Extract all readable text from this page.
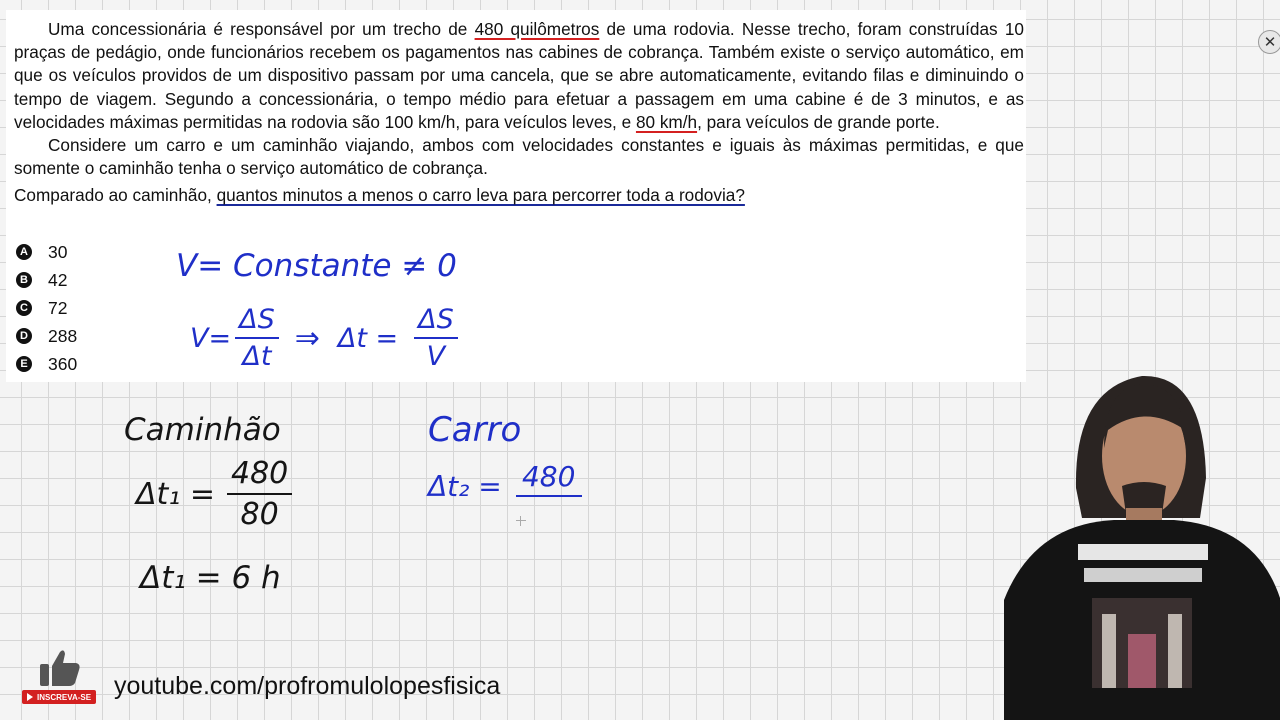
Uma concessionária é responsável por um trecho de 480 quilômetros de uma rodovia. Nesse trecho, foram construídas 10 praças de pedágio, onde funcionários recebem os pagamentos nas cabines de cobrança. Também existe o serviço automático, em que os veículos providos de um dispositivo passam por uma cancela, que se abre automaticamente, evitando filas e diminuindo o tempo de viagem. Segundo a concessionária, o tempo médio para efetuar a passagem em uma cabine é de 3 minutos, e as velocidades máximas permitidas na rodovia são 100 km/h, para veículos leves, e 80 km/h, para veículos de grande porte.

Considere um carro e um caminhão viajando, ambos com velocidades constantes e iguais às máximas permitidas, e que somente o caminhão tenha o serviço automático de cobrança.

Comparado ao caminhão, quantos minutos a menos o carro leva para percorrer toda a rodovia?

A 30
B 42
C 72
D 288
E 360
V= Constante ≠ 0
$V= \frac{\Delta S}{\Delta t}$ ⇒ $\Delta t = \frac{\Delta S}{V}$
Caminhão
$\Delta t_1 = \frac{480}{80}$
Δt₁ = 6 h
Carro
Δt₂ = 480
✕
INSCREVA-SE youtube.com/profromulolopesfisica
